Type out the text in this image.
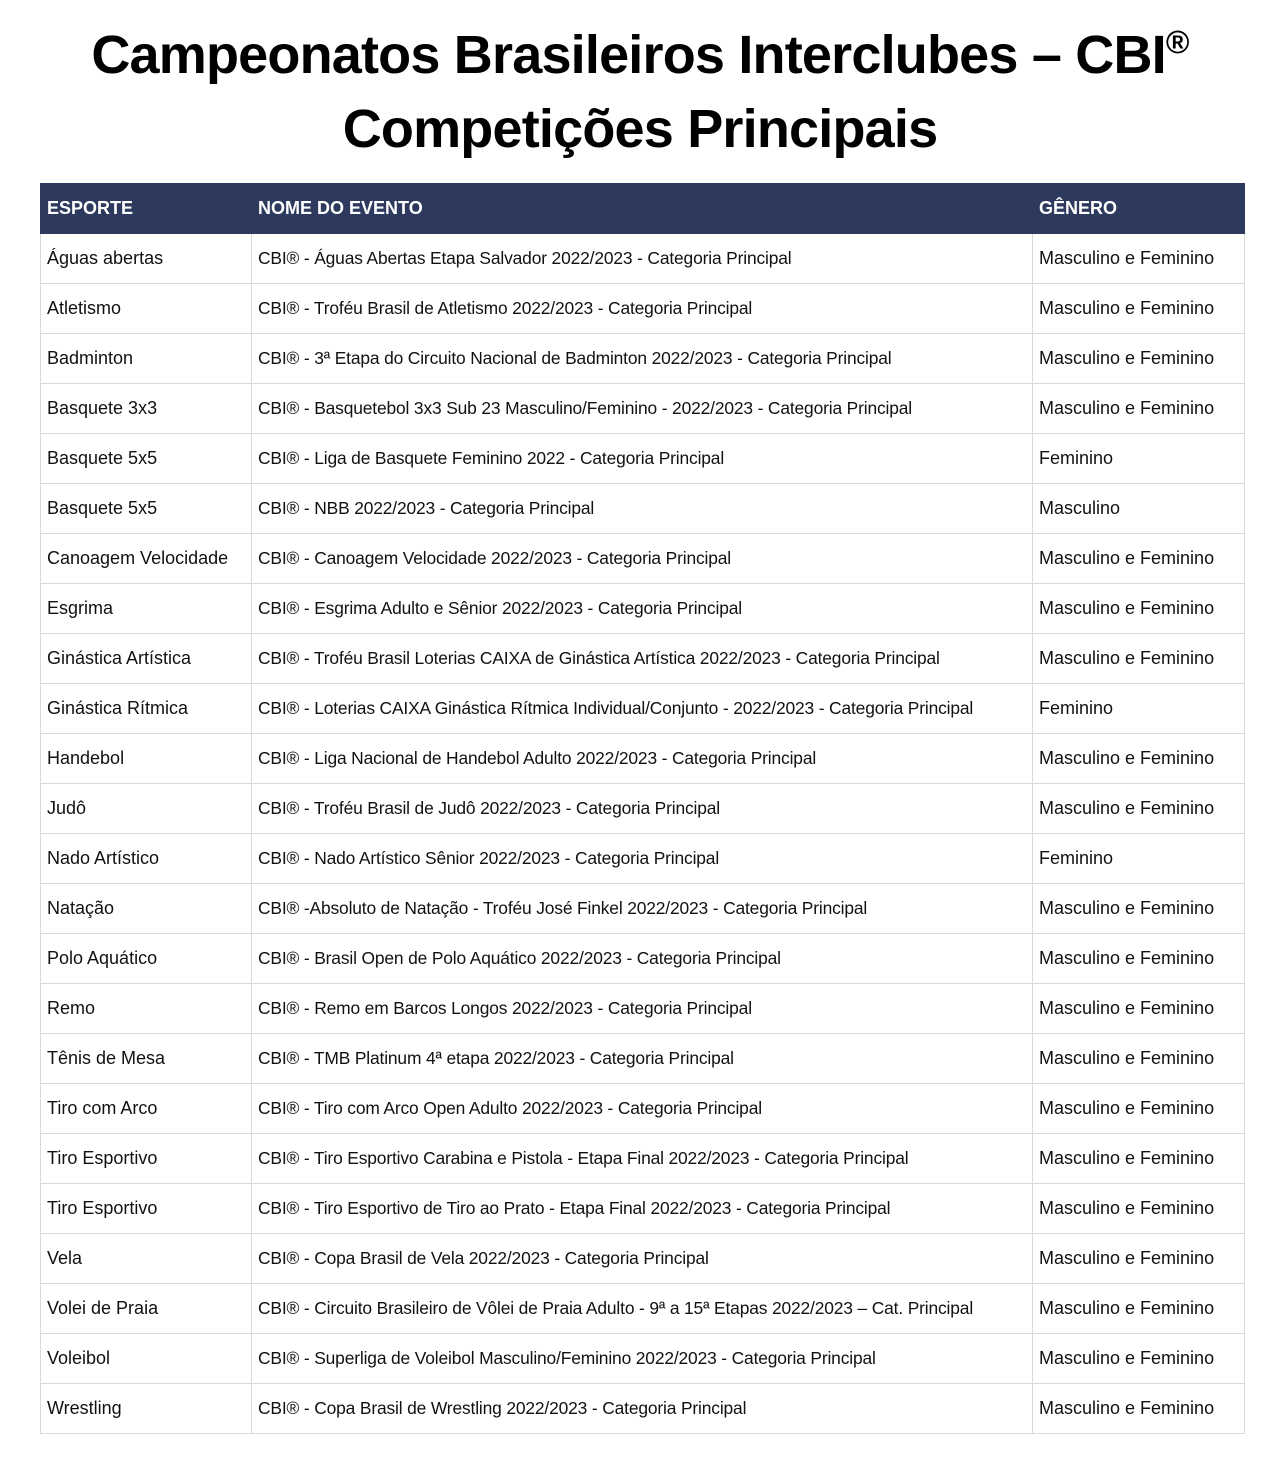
Campeonatos Brasileiros Interclubes – CBI®
Competições Principais
ESPORTE	NOME DO EVENTO	GÊNERO
Águas abertas	CBI® - Águas Abertas Etapa Salvador 2022/2023 - Categoria Principal	Masculino e Feminino
Atletismo	CBI® - Troféu Brasil de Atletismo 2022/2023 - Categoria Principal	Masculino e Feminino
Badminton	CBI® - 3ª Etapa do Circuito Nacional de Badminton 2022/2023 - Categoria Principal	Masculino e Feminino
Basquete 3x3	CBI® - Basquetebol 3x3 Sub 23 Masculino/Feminino - 2022/2023 - Categoria Principal	Masculino e Feminino
Basquete 5x5	CBI® - Liga de Basquete Feminino 2022 - Categoria Principal	Feminino
Basquete 5x5	CBI® - NBB 2022/2023 - Categoria Principal	Masculino
Canoagem Velocidade	CBI® - Canoagem Velocidade 2022/2023 - Categoria Principal	Masculino e Feminino
Esgrima	CBI® - Esgrima Adulto e Sênior 2022/2023 - Categoria Principal	Masculino e Feminino
Ginástica Artística	CBI® - Troféu Brasil Loterias CAIXA de Ginástica Artística 2022/2023 - Categoria Principal	Masculino e Feminino
Ginástica Rítmica	CBI® - Loterias CAIXA Ginástica Rítmica Individual/Conjunto - 2022/2023 - Categoria Principal	Feminino
Handebol	CBI® - Liga Nacional de Handebol Adulto 2022/2023 - Categoria Principal	Masculino e Feminino
Judô	CBI® - Troféu Brasil de Judô 2022/2023 - Categoria Principal	Masculino e Feminino
Nado Artístico	CBI® - Nado Artístico Sênior 2022/2023 - Categoria Principal	Feminino
Natação	CBI® -Absoluto de Natação - Troféu José Finkel 2022/2023 - Categoria Principal	Masculino e Feminino
Polo Aquático	CBI® - Brasil Open de Polo Aquático 2022/2023 - Categoria Principal	Masculino e Feminino
Remo	CBI® - Remo em Barcos Longos 2022/2023 - Categoria Principal	Masculino e Feminino
Tênis de Mesa	CBI® - TMB Platinum 4ª etapa 2022/2023 - Categoria Principal	Masculino e Feminino
Tiro com Arco	CBI® - Tiro com Arco Open Adulto 2022/2023 - Categoria Principal	Masculino e Feminino
Tiro Esportivo	CBI® - Tiro Esportivo Carabina e Pistola - Etapa Final 2022/2023 - Categoria Principal	Masculino e Feminino
Tiro Esportivo	CBI® - Tiro Esportivo de Tiro ao Prato - Etapa Final 2022/2023 - Categoria Principal	Masculino e Feminino
Vela	CBI® - Copa Brasil de Vela 2022/2023 - Categoria Principal	Masculino e Feminino
Volei de Praia	CBI® - Circuito Brasileiro de Vôlei de Praia Adulto - 9ª a 15ª Etapas 2022/2023 – Cat. Principal	Masculino e Feminino
Voleibol	CBI® - Superliga de Voleibol Masculino/Feminino 2022/2023 - Categoria Principal	Masculino e Feminino
Wrestling	CBI® - Copa Brasil de Wrestling 2022/2023 - Categoria Principal	Masculino e Feminino
